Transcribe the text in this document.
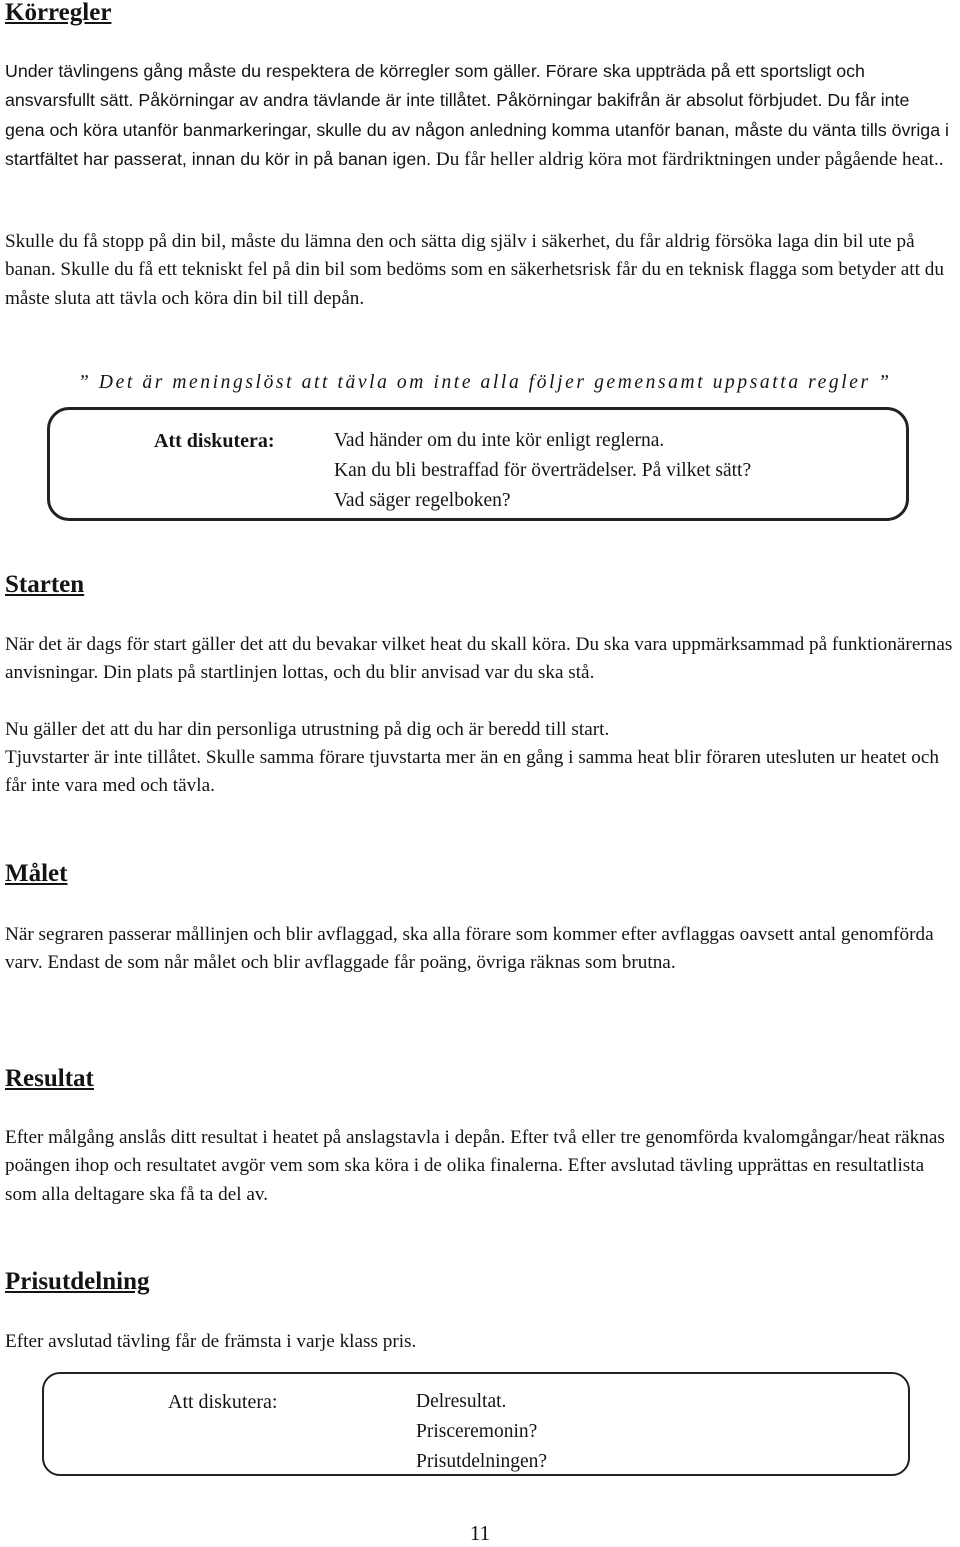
Körregler

Under tävlingens gång måste du respektera de körregler som gäller. Förare ska uppträda på ett sportsligt och ansvarsfullt sätt. Påkörningar av andra tävlande är inte tillåtet. Påkörningar bakifrån är absolut förbjudet. Du får inte gena och köra utanför banmarkeringar, skulle du av någon anledning komma utanför banan, måste du vänta tills övriga i startfältet har passerat, innan du kör in på banan igen. Du får heller aldrig köra mot färdriktningen under pågående heat..

Skulle du få stopp på din bil, måste du lämna den och sätta dig själv i säkerhet, du får aldrig försöka laga din bil ute på banan. Skulle du få ett tekniskt fel på din bil som bedöms som en säkerhetsrisk får du en teknisk flagga som betyder att du måste sluta att tävla och köra din bil till depån.

” Det är meningslöst att tävla om inte alla följer gemensamt uppsatta regler ”
Att diskutera:	Vad händer om du inte kör enligt reglerna.
Kan du bli bestraffad för överträdelser. På vilket sätt?
Vad säger regelboken?
Starten

När det är dags för start gäller det att du bevakar vilket heat du skall köra. Du ska vara uppmärksammad på funktionärernas anvisningar. Din plats på startlinjen lottas, och du blir anvisad var du ska stå.

Nu gäller det att du har din personliga utrustning på dig och är beredd till start.

Tjuvstarter är inte tillåtet. Skulle samma förare tjuvstarta mer än en gång i samma heat blir föraren utesluten ur heatet och får inte vara med och tävla.

Målet

När segraren passerar mållinjen och blir avflaggad, ska alla förare som kommer efter avflaggas oavsett antal genomförda varv. Endast de som når målet och blir avflaggade får poäng, övriga räknas som brutna.

Resultat

Efter målgång anslås ditt resultat i heatet på anslagstavla i depån. Efter två eller tre genomförda kvalomgångar/heat räknas poängen ihop och resultatet avgör vem som ska köra i de olika finalerna. Efter avslutad tävling upprättas en resultatlista som alla deltagare ska få ta del av.

Prisutdelning

Efter avslutad tävling får de främsta i varje klass pris.

Att diskutera:	Delresultat.
Prisceremonin?
Prisutdelningen?
11
